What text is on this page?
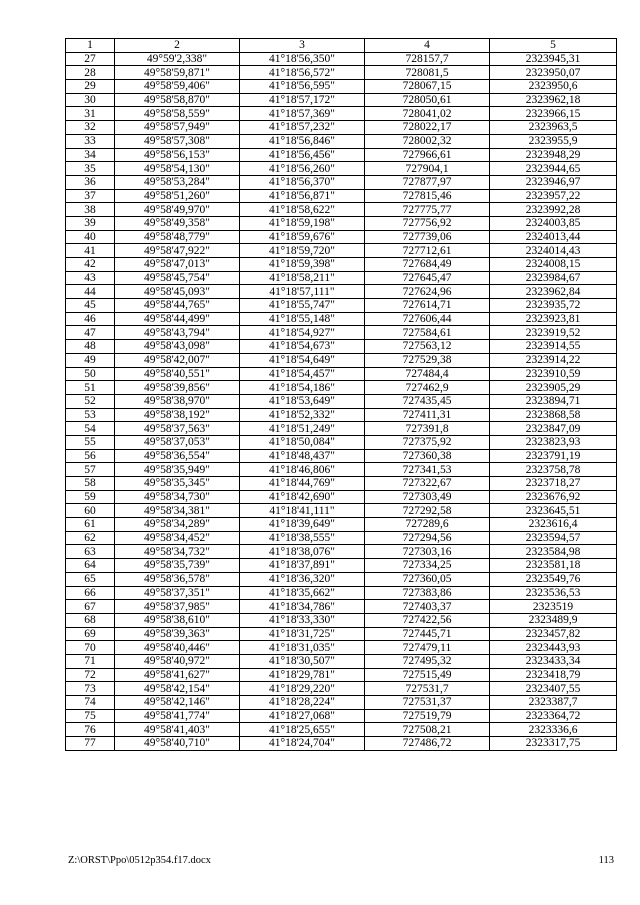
1	2	3	4	5
27	49°59'2,338"	41°18'56,350"	728157,7	2323945,31
28	49°58'59,871"	41°18'56,572"	728081,5	2323950,07
29	49°58'59,406"	41°18'56,595"	728067,15	2323950,6
30	49°58'58,870"	41°18'57,172"	728050,61	2323962,18
31	49°58'58,559"	41°18'57,369"	728041,02	2323966,15
32	49°58'57,949"	41°18'57,232"	728022,17	2323963,5
33	49°58'57,308"	41°18'56,846"	728002,32	2323955,9
34	49°58'56,153"	41°18'56,456"	727966,61	2323948,29
35	49°58'54,130"	41°18'56,260"	727904,1	2323944,65
36	49°58'53,284"	41°18'56,370"	727877,97	2323946,97
37	49°58'51,260"	41°18'56,871"	727815,46	2323957,22
38	49°58'49,970"	41°18'58,622"	727775,77	2323992,28
39	49°58'49,358"	41°18'59,198"	727756,92	2324003,85
40	49°58'48,779"	41°18'59,676"	727739,06	2324013,44
41	49°58'47,922"	41°18'59,720"	727712,61	2324014,43
42	49°58'47,013"	41°18'59,398"	727684,49	2324008,15
43	49°58'45,754"	41°18'58,211"	727645,47	2323984,67
44	49°58'45,093"	41°18'57,111"	727624,96	2323962,84
45	49°58'44,765"	41°18'55,747"	727614,71	2323935,72
46	49°58'44,499"	41°18'55,148"	727606,44	2323923,81
47	49°58'43,794"	41°18'54,927"	727584,61	2323919,52
48	49°58'43,098"	41°18'54,673"	727563,12	2323914,55
49	49°58'42,007"	41°18'54,649"	727529,38	2323914,22
50	49°58'40,551"	41°18'54,457"	727484,4	2323910,59
51	49°58'39,856"	41°18'54,186"	727462,9	2323905,29
52	49°58'38,970"	41°18'53,649"	727435,45	2323894,71
53	49°58'38,192"	41°18'52,332"	727411,31	2323868,58
54	49°58'37,563"	41°18'51,249"	727391,8	2323847,09
55	49°58'37,053"	41°18'50,084"	727375,92	2323823,93
56	49°58'36,554"	41°18'48,437"	727360,38	2323791,19
57	49°58'35,949"	41°18'46,806"	727341,53	2323758,78
58	49°58'35,345"	41°18'44,769"	727322,67	2323718,27
59	49°58'34,730"	41°18'42,690"	727303,49	2323676,92
60	49°58'34,381"	41°18'41,111"	727292,58	2323645,51
61	49°58'34,289"	41°18'39,649"	727289,6	2323616,4
62	49°58'34,452"	41°18'38,555"	727294,56	2323594,57
63	49°58'34,732"	41°18'38,076"	727303,16	2323584,98
64	49°58'35,739"	41°18'37,891"	727334,25	2323581,18
65	49°58'36,578"	41°18'36,320"	727360,05	2323549,76
66	49°58'37,351"	41°18'35,662"	727383,86	2323536,53
67	49°58'37,985"	41°18'34,786"	727403,37	2323519
68	49°58'38,610"	41°18'33,330"	727422,56	2323489,9
69	49°58'39,363"	41°18'31,725"	727445,71	2323457,82
70	49°58'40,446"	41°18'31,035"	727479,11	2323443,93
71	49°58'40,972"	41°18'30,507"	727495,32	2323433,34
72	49°58'41,627"	41°18'29,781"	727515,49	2323418,79
73	49°58'42,154"	41°18'29,220"	727531,7	2323407,55
74	49°58'42,146"	41°18'28,224"	727531,37	2323387,7
75	49°58'41,774"	41°18'27,068"	727519,79	2323364,72
76	49°58'41,403"	41°18'25,655"	727508,21	2323336,6
77	49°58'40,710"	41°18'24,704"	727486,72	2323317,75
Z:\ORST\Ppo\0512p354.f17.docx	113
